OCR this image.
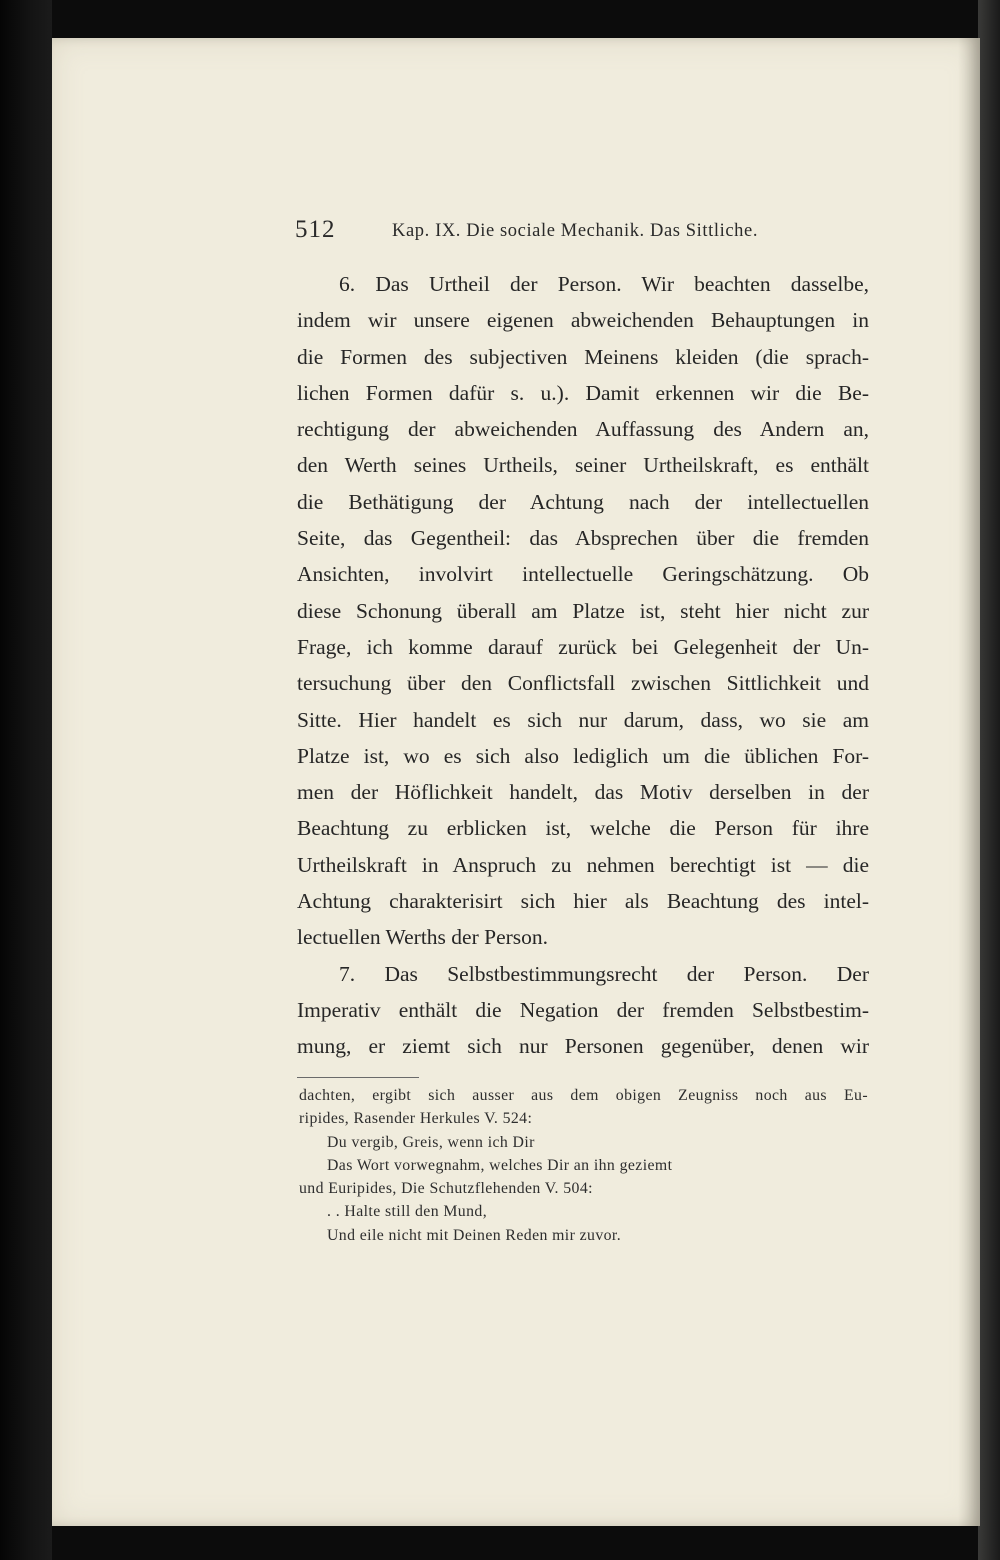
512	Kap. IX. Die sociale Mechanik. Das Sittliche.
6. Das Urtheil der Person. Wir beachten dasselbe,
indem wir unsere eigenen abweichenden Behauptungen in
die Formen des subjectiven Meinens kleiden (die sprach-
lichen Formen dafür s. u.). Damit erkennen wir die Be-
rechtigung der abweichenden Auffassung des Andern an,
den Werth seines Urtheils, seiner Urtheilskraft, es enthält
die Bethätigung der Achtung nach der intellectuellen
Seite, das Gegentheil: das Absprechen über die fremden
Ansichten, involvirt intellectuelle Geringschätzung. Ob
diese Schonung überall am Platze ist, steht hier nicht zur
Frage, ich komme darauf zurück bei Gelegenheit der Un-
tersuchung über den Conflictsfall zwischen Sittlichkeit und
Sitte. Hier handelt es sich nur darum, dass, wo sie am
Platze ist, wo es sich also lediglich um die üblichen For-
men der Höflichkeit handelt, das Motiv derselben in der
Beachtung zu erblicken ist, welche die Person für ihre
Urtheilskraft in Anspruch zu nehmen berechtigt ist — die
Achtung charakterisirt sich hier als Beachtung des intel-
lectuellen Werths der Person.
7. Das Selbstbestimmungsrecht der Person. Der
Imperativ enthält die Negation der fremden Selbstbestim-
mung, er ziemt sich nur Personen gegenüber, denen wir
dachten, ergibt sich ausser aus dem obigen Zeugniss noch aus Eu-
ripides, Rasender Herkules V. 524:
Du vergib, Greis, wenn ich Dir
Das Wort vorwegnahm, welches Dir an ihn geziemt
und Euripides, Die Schutzflehenden V. 504:
. . Halte still den Mund,
Und eile nicht mit Deinen Reden mir zuvor.
